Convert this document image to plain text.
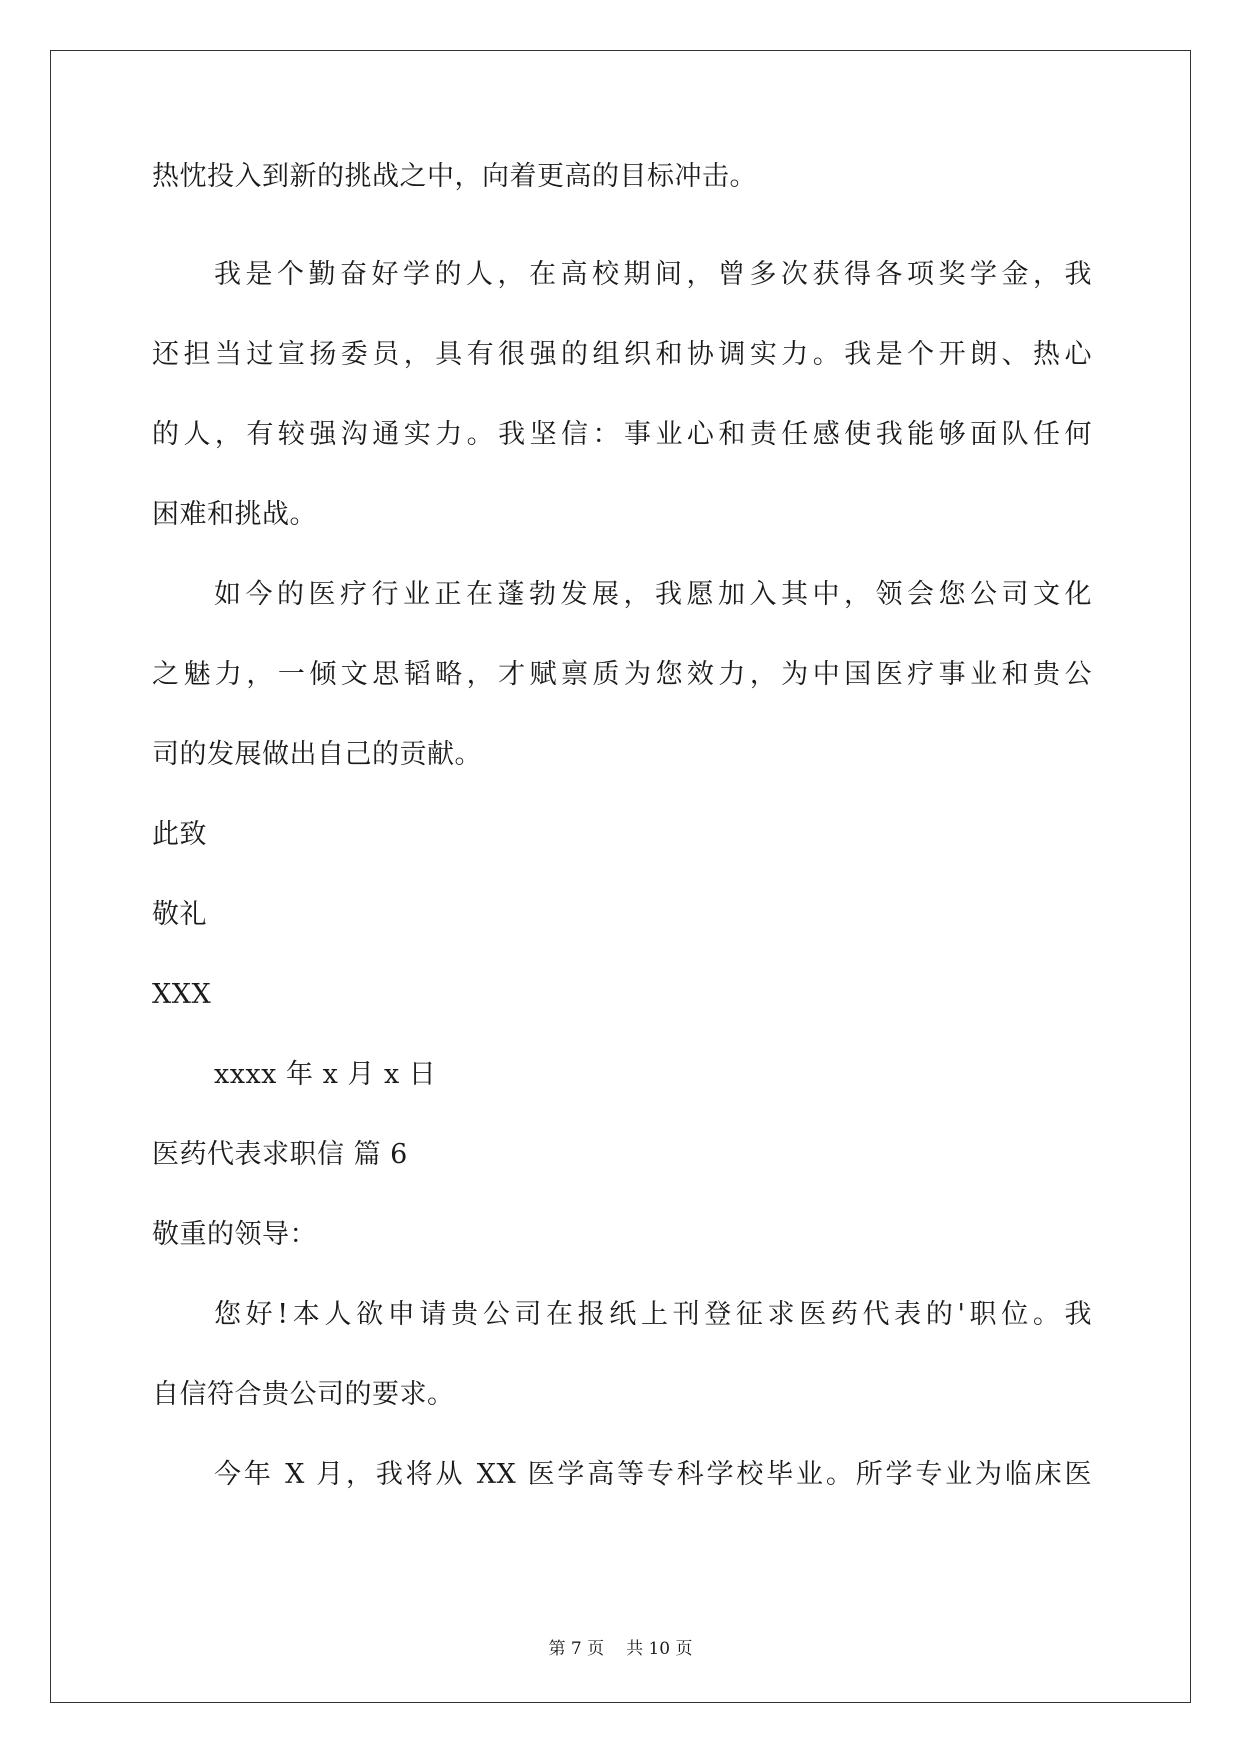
热忱投入到新的挑战之中，向着更高的目标冲击。
我是个勤奋好学的人，在高校期间，曾多次获得各项奖学金，我
还担当过宣扬委员，具有很强的组织和协调实力。我是个开朗、热心
的人，有较强沟通实力。我坚信：事业心和责任感使我能够面队任何
困难和挑战。
如今的医疗行业正在蓬勃发展，我愿加入其中，领会您公司文化
之魅力，一倾文思韬略，才赋禀质为您效力，为中国医疗事业和贵公
司的发展做出自己的贡献。
此致
敬礼
XXX
xxxx 年 x 月 x 日
医药代表求职信 篇 6
敬重的领导：
您好!本人欲申请贵公司在报纸上刊登征求医药代表的'职位。我
自信符合贵公司的要求。
今年 X 月，我将从 XX 医学高等专科学校毕业。所学专业为临床医
第 7 页 共 10 页
